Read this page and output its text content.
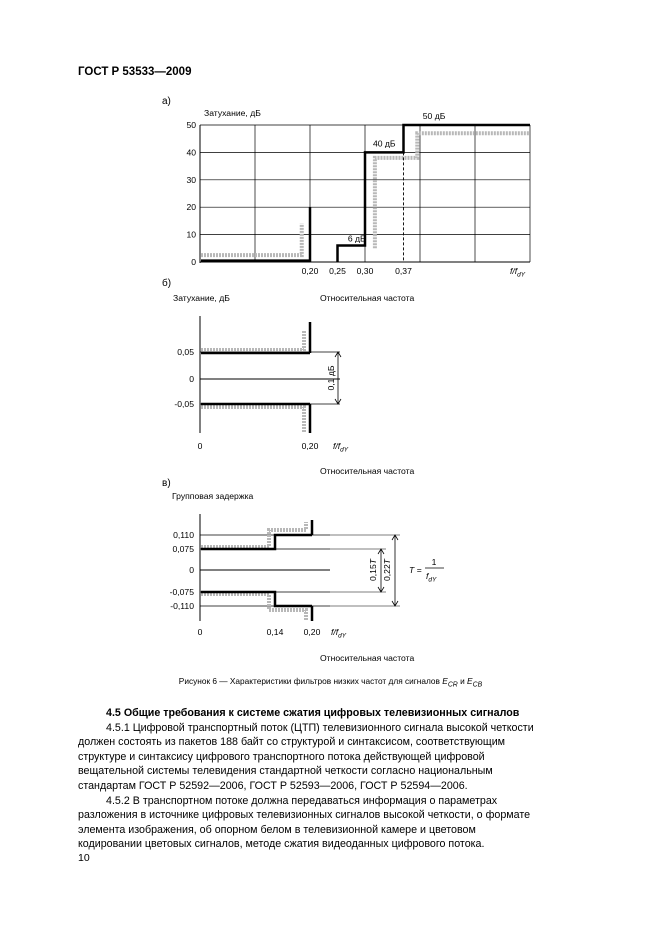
ГОСТ Р 53533—2009
а)
Затухание, дБ
50
40
30
20
10
0
0,20 0,25 0,30	0,37	$f/f_{dY}$
6 дБ
40 дБ
50 дБ
б)
Затухание, дБ	Относительная частота
0,05
0
-0,05
0,1 дБ
0	0,20 $f/f_{dY}$
Относительная частота
в)
Групповая задержка
0,110
0,075
0
-0,075
-0,110
0,15T
0,22T
T =
1
$f_{dY}$
0	0,14 0,20 $f/f_{dY}$
Относительная частота
Рисунок 6 — Характеристики фильтров низких частот для сигналов $E_{CR}$ и $E_{CB}$
4.5 Общие требования к системе сжатия цифровых телевизионных сигналов
4.5.1 Цифровой транспортный поток (ЦТП) телевизионного сигнала высокой четкости должен состоять из пакетов 188 байт со структурой и синтаксисом, соответствующим структуре и синтаксису цифрового транспортного потока действующей цифровой вещательной системы телевидения стандартной четкости согласно национальным стандартам ГОСТ Р 52592—2006, ГОСТ Р 52593—2006, ГОСТ Р 52594—2006.
4.5.2 В транспортном потоке должна передаваться информация о параметрах разложения в источнике цифровых телевизионных сигналов высокой четкости, о формате элемента изображения, об опорном белом в телевизионной камере и цветовом кодировании цветовых сигналов, методе сжатия видеоданных цифрового потока.
10
